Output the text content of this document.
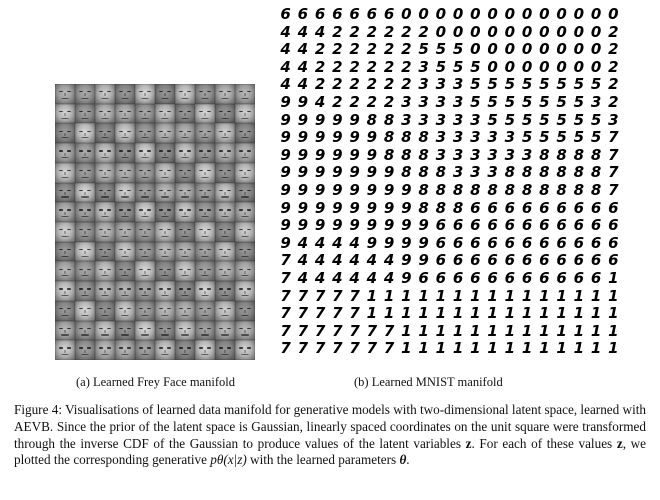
6 6 6 6 6 6 6 0 0 0 0 0 0 0 0 0 0 0 0 0
4 4 4 2 2 2 2 2 2 0 0 0 0 0 0 0 0 0 0 2
4 4 2 2 2 2 2 2 5 5 5 0 0 0 0 0 0 0 0 2
4 4 2 2 2 2 2 2 3 5 5 5 0 0 0 0 0 0 0 2
4 4 2 2 2 2 2 2 3 3 3 5 5 5 5 5 5 5 5 2
9 9 4 2 2 2 2 3 3 3 3 5 5 5 5 5 5 5 3 2
9 9 9 9 9 8 8 3 3 3 3 3 5 5 5 5 5 5 5 3
9 9 9 9 9 9 8 8 8 3 3 3 3 3 5 5 5 5 5 7
9 9 9 9 9 9 8 8 8 3 3 3 3 3 3 8 8 8 8 7
9 9 9 9 9 9 9 8 8 8 3 3 3 8 8 8 8 8 8 7
9 9 9 9 9 9 9 9 8 8 8 8 8 8 8 8 8 8 8 7
9 9 9 9 9 9 9 9 8 8 8 6 6 6 6 6 6 6 6 6
9 9 9 9 9 9 9 9 9 6 6 6 6 6 6 6 6 6 6 6
9 4 4 4 4 9 9 9 9 6 6 6 6 6 6 6 6 6 6 6
7 4 4 4 4 4 4 9 9 6 6 6 6 6 6 6 6 6 6 6
7 4 4 4 4 4 4 9 6 6 6 6 6 6 6 6 6 6 6 1
7 7 7 7 7 1 1 1 1 1 1 1 1 1 1 1 1 1 1 1
7 7 7 7 7 1 1 1 1 1 1 1 1 1 1 1 1 1 1 1
7 7 7 7 7 7 7 1 1 1 1 1 1 1 1 1 1 1 1 1
7 7 7 7 7 7 7 1 1 1 1 1 1 1 1 1 1 1 1 1
(a) Learned Frey Face manifold	(b) Learned MNIST manifold
Figure 4: Visualisations of learned data manifold for generative models with two-dimensional latent space, learned with AEVB. Since the prior of the latent space is Gaussian, linearly spaced coordinates on the unit square were transformed through the inverse CDF of the Gaussian to produce values of the latent variables z. For each of these values z, we plotted the corresponding generative pθ(x|z) with the learned parameters θ.
